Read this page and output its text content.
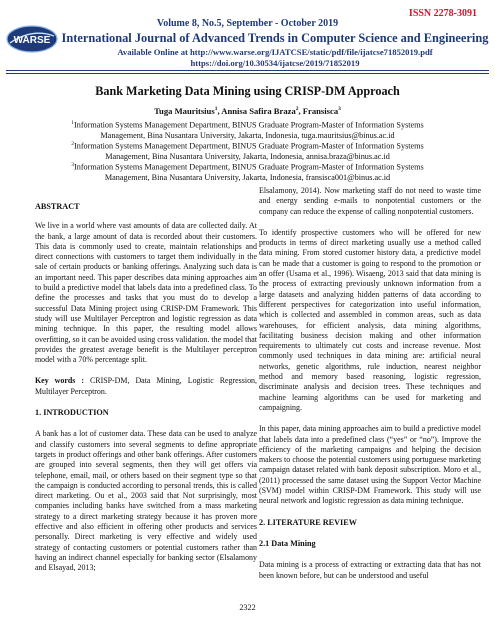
ISSN 2278-3091
WARSE
Volume 8, No.5, September - October 2019
International Journal of Advanced Trends in Computer Science and Engineering
Available Online at http://www.warse.org/IJATCSE/static/pdf/file/ijatcse71852019.pdf
https://doi.org/10.30534/ijatcse/2019/71852019
Bank Marketing Data Mining using CRISP-DM Approach
Tuga Mauritsius$^1$, Annisa Safira Braza$^2$, Fransisca$^3$
$^1$Information Systems Management Department, BINUS Graduate Program-Master of Information Systems
Management, Bina Nusantara University, Jakarta, Indonesia, tuga.mauritsius@binus.ac.id
$^2$Information Systems Management Department, BINUS Graduate Program-Master of Information Systems
Management, Bina Nusantara University, Jakarta, Indonesia, annisa.braza@binus.ac.id
$^3$Information Systems Management Department, BINUS Graduate Program-Master of Information Systems
Management, Bina Nusantara University, Jakarta, Indonesia, fransisca001@binus.ac.id
ABSTRACT

We live in a world where vast amounts of data are collected daily. At the bank, a large amount of data is recorded about their customers. This data is commonly used to create, maintain relationships and direct connections with customers to target them individually in the sale of certain products or banking offerings. Analyzing such data is an important need. This paper describes data mining approaches aim to build a predictive model that labels data into a predefined class. To define the processes and tasks that you must do to develop a successful Data Mining project using CRISP-DM Framework. This study will use Multilayer Perceptron and logistic regression as data mining technique. In this paper, the resulting model allows overfitting, so it can be avoided using cross validation. the model that provides the greatest average benefit is the Multilayer perceptron model with a 70% percentage split.

Key words : CRISP-DM, Data Mining, Logistic Regression, Multilayer Perceptron.

1. INTRODUCTION

A bank has a lot of customer data. These data can be used to analyze and classify customers into several segments to define appropriate targets in product offerings and other bank offerings. After customers are grouped into several segments, then they will get offers via telephone, email, mail, or others based on their segment type so that the campaign is conducted according to personal trends, this is called direct marketing. Ou et al., 2003 said that Not surprisingly, most companies including banks have switched from a mass marketing strategy to a direct marketing strategy because it has proven more effective and also efficient in offering other products and services personally. Direct marketing is very effective and widely used strategy of contacting customers or potential customers rather than having an indirect channel especially for banking sector (Elsalamony and Elsayad, 2013;

Elsalamony, 2014). Now marketing staff do not need to waste time and energy sending e-mails to nonpotential customers or the company can reduce the expense of calling nonpotential customers.

To identify prospective customers who will be offered for new products in terms of direct marketing usually use a method called data mining. From stored customer history data, a predictive model can be made that a customer is going to respond to the promotion or an offer (Usama et al., 1996). Wisaeng, 2013 said that data mining is the process of extracting previously unknown information from a large datasets and analyzing hidden patterns of data according to different perspectives for categorization into useful information, which is collected and assembled in common areas, such as data warehouses, for efficient analysis, data mining algorithms, facilitating business decision making and other information requirements to ultimately cut costs and increase revenue. Most commonly used techniques in data mining are: artificial neural networks, genetic algorithms, rule induction, nearest neighbor method and memory based reasoning, logistic regression, discriminate analysis and decision trees. These techniques and machine learning algorithms can be used for marketing and campaigning.

In this paper, data mining approaches aim to build a predictive model that labels data into a predefined class (“yes” or “no”). Improve the efficiency of the marketing campaigns and helping the decision makers to choose the potential customers using portuguese marketing campaign dataset related with bank deposit subscription. Moro et al., (2011) processed the same dataset using the Support Vector Machine (SVM) model within CRISP-DM Framework. This study will use neural network and logistic regression as data mining technique.

2. LITERATURE REVIEW
2.1 Data Mining

Data mining is a process of extracting or extracting data that has not been known before, but can be understood and useful

2322
